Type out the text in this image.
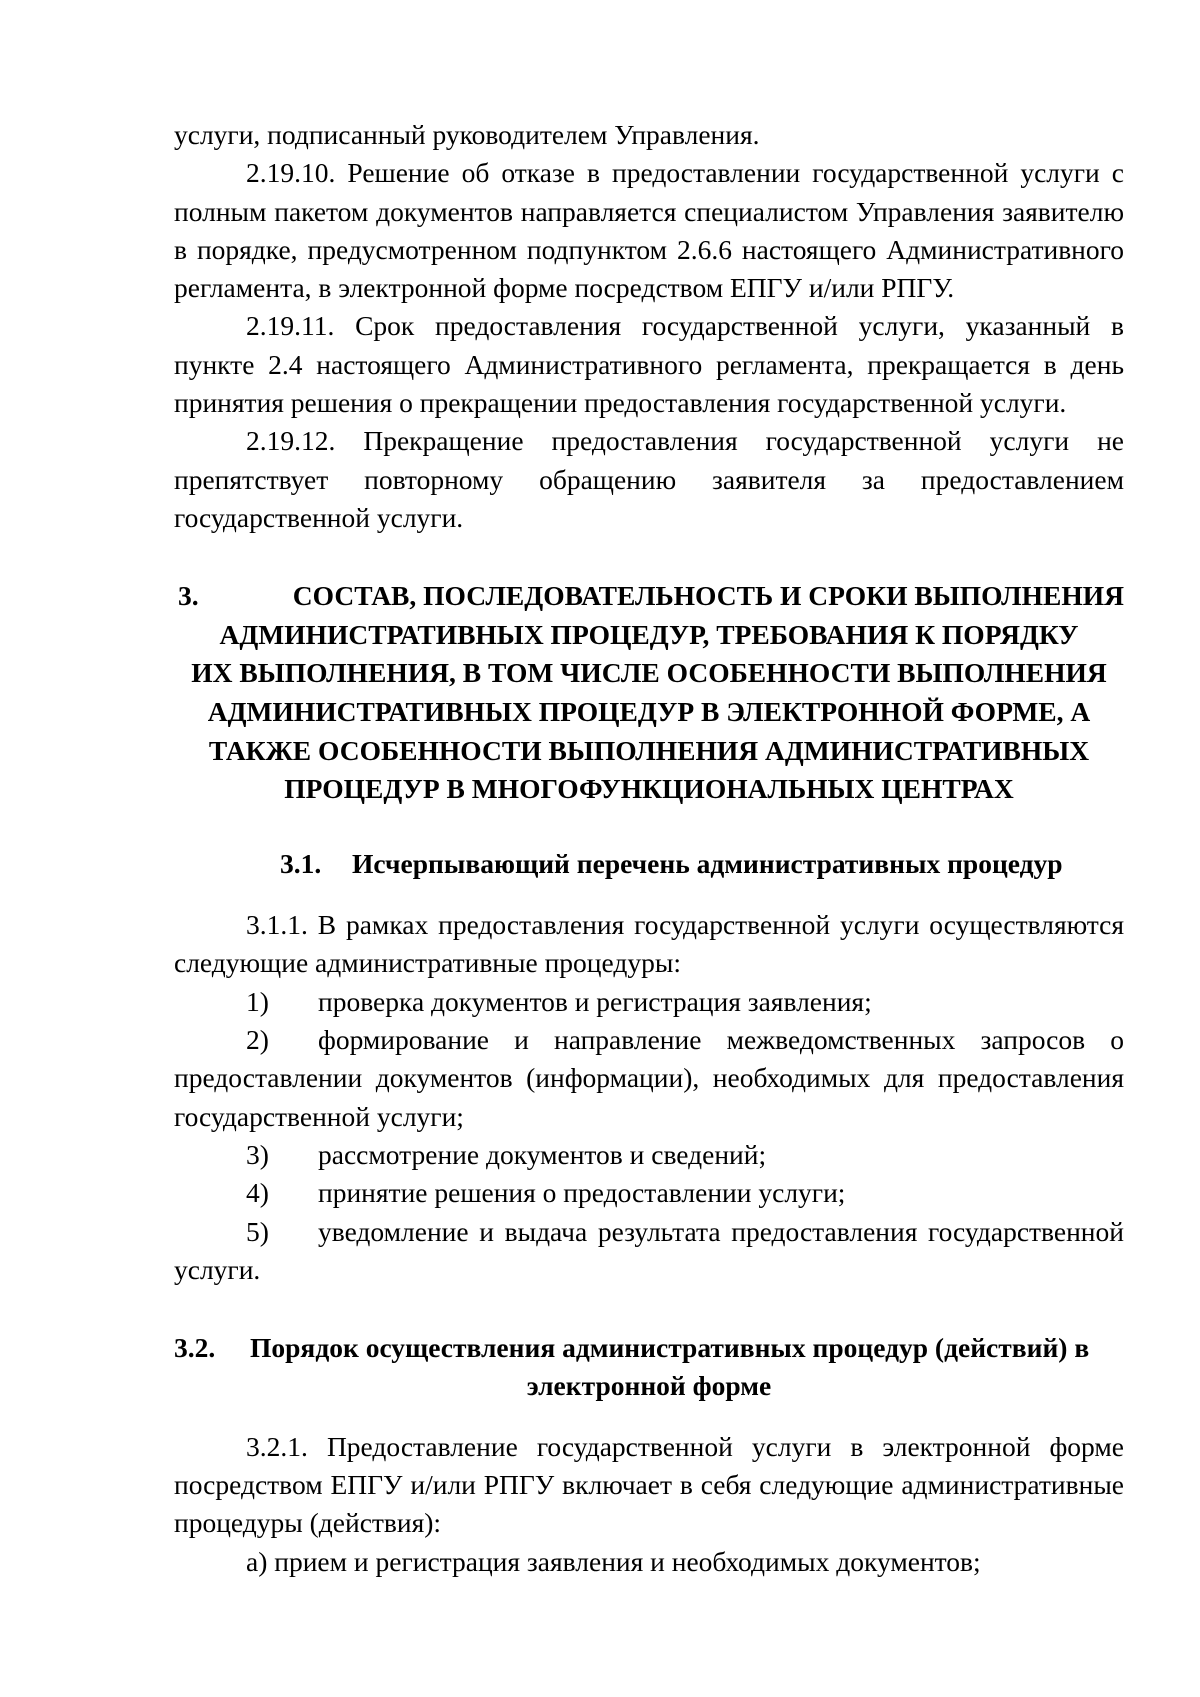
услуги, подписанный руководителем Управления.

2.19.10. Решение об отказе в предоставлении государственной услуги с полным пакетом документов направляется специалистом Управления заявителю в порядке, предусмотренном подпунктом 2.6.6 настоящего Административного регламента, в электронной форме посредством ЕПГУ и/или РПГУ.

2.19.11. Срок предоставления государственной услуги, указанный в пункте 2.4 настоящего Административного регламента, прекращается в день принятия решения о прекращении предоставления государственной услуги.

2.19.12. Прекращение предоставления государственной услуги не препятствует повторному обращению заявителя за предоставлением государственной услуги.

3.	СОСТАВ, ПОСЛЕДОВАТЕЛЬНОСТЬ И СРОКИ ВЫПОЛНЕНИЯ
АДМИНИСТРАТИВНЫХ ПРОЦЕДУР, ТРЕБОВАНИЯ К ПОРЯДКУ
ИХ ВЫПОЛНЕНИЯ, В ТОМ ЧИСЛЕ ОСОБЕННОСТИ ВЫПОЛНЕНИЯ
АДМИНИСТРАТИВНЫХ ПРОЦЕДУР В ЭЛЕКТРОННОЙ ФОРМЕ, А
ТАКЖЕ ОСОБЕННОСТИ ВЫПОЛНЕНИЯ АДМИНИСТРАТИВНЫХ
ПРОЦЕДУР В МНОГОФУНКЦИОНАЛЬНЫХ ЦЕНТРАХ
3.1. Исчерпывающий перечень административных процедур

3.1.1. В рамках предоставления государственной услуги осуществляются следующие административные процедуры:

1) проверка документов и регистрация заявления;

2) формирование и направление межведомственных запросов о предоставлении документов (информации), необходимых для предоставления государственной услуги;

3) рассмотрение документов и сведений;

4) принятие решения о предоставлении услуги;

5) уведомление и выдача результата предоставления государственной услуги.

3.2. Порядок осуществления административных процедур (действий) в
электронной форме

3.2.1. Предоставление государственной услуги в электронной форме посредством ЕПГУ и/или РПГУ включает в себя следующие административные процедуры (действия):

а) прием и регистрация заявления и необходимых документов;
